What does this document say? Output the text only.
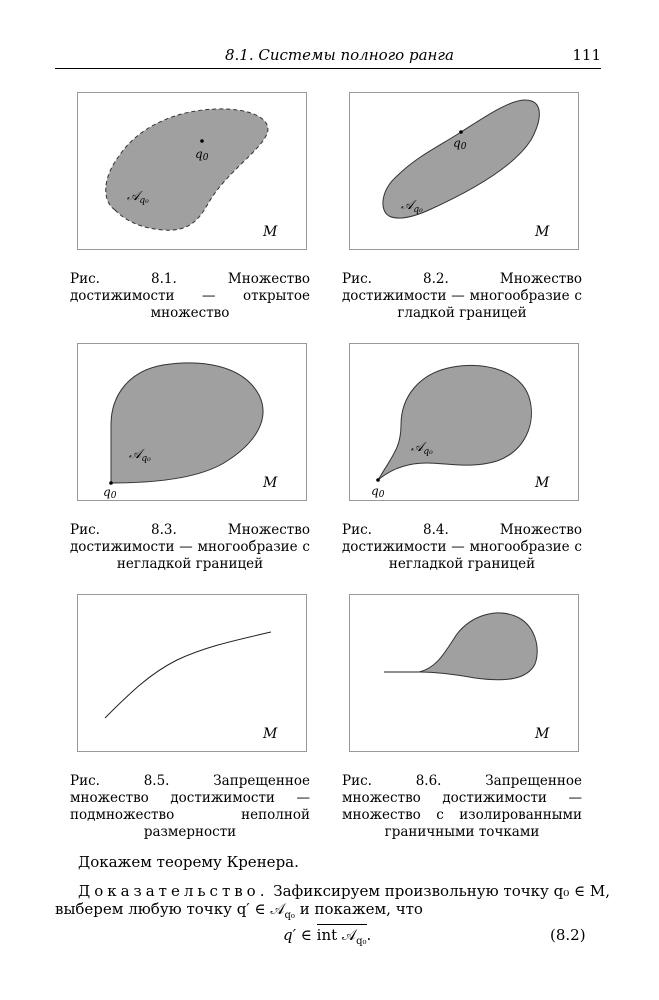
8.1. Системы полного ранга	111
q0
𝒜$_{q_0}$
M
Рис. 8.1. Множество достижимости — открытое множество
q0
𝒜$_{q_0}$
M
Рис. 8.2. Множество достижимости — многообразие с гладкой границей
q0
𝒜$_{q_0}$
M
Рис. 8.3. Множество достижимости — многообразие с негладкой границей
q0
𝒜$_{q_0}$
M
Рис. 8.4. Множество достижимости — многообразие с негладкой границей
M
Рис. 8.5. Запрещенное множество достижимости — подмножество неполной размерности
M
Рис. 8.6. Запрещенное множество достижимости — множество с изолированными граничными точками
Докажем теорему Кренера.
Доказательство. Зафиксируем произвольную точку q₀ ∈ M,
выберем любую точку q′ ∈ 𝒜$_{q_0}$ и покажем, что
q′ ∈ int 𝒜$_{q_0}$.	(8.2)
